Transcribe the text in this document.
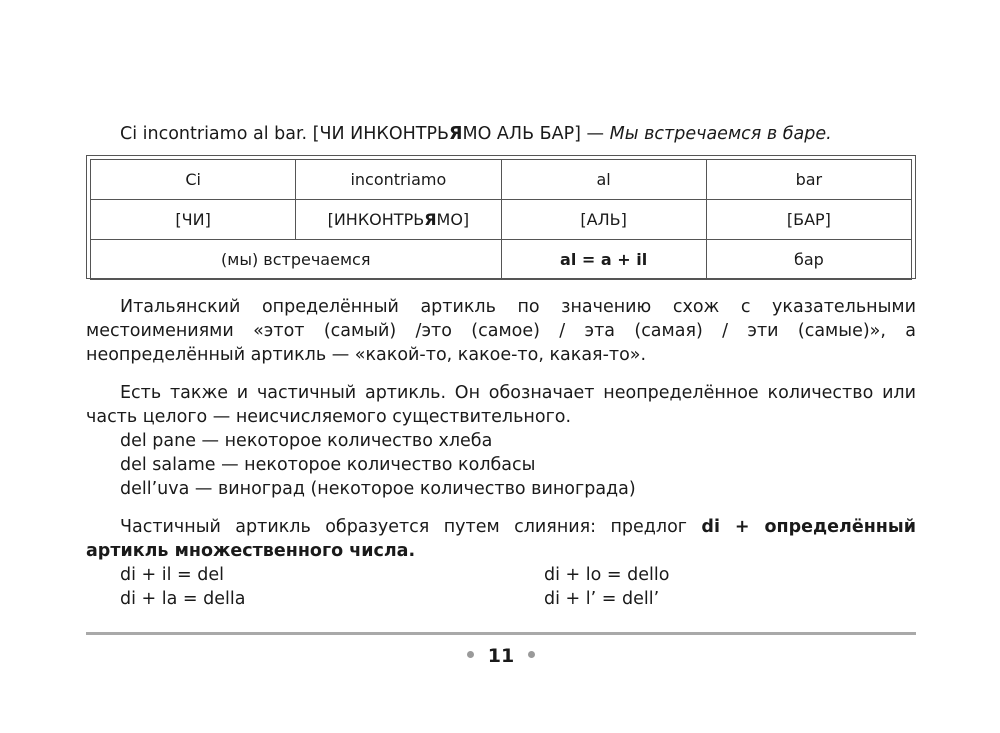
Ci incontriamo al bar. [ЧИ ИНКОНТРЬЯМО АЛЬ БАР] — Мы встречаемся в баре.
Ci	incontriamo	al	bar
[ЧИ]	[ИНКОНТРЬЯМО]	[АЛЬ]	[БАР]
(мы) встречаемся		al = a + il	бар
Итальянский определённый артикль по значению схож с указательными местоимениями «этот (самый) /это (самое) / эта (самая) / эти (самые)», а неопределённый артикль — «какой-то, какое-то, какая-то».
Есть также и частичный артикль. Он обозначает неопределённое количество или часть целого — неисчисляемого существительного.
del pane — некоторое количество хлеба
del salame — некоторое количество колбасы
dell’uva — виноград (некоторое количество винограда)
Частичный артикль образуется путем слияния: предлог di + определённый артикль множественного числа.
di + il = del
di + la = della
di + lo = dello
di + l’ = dell’
11
